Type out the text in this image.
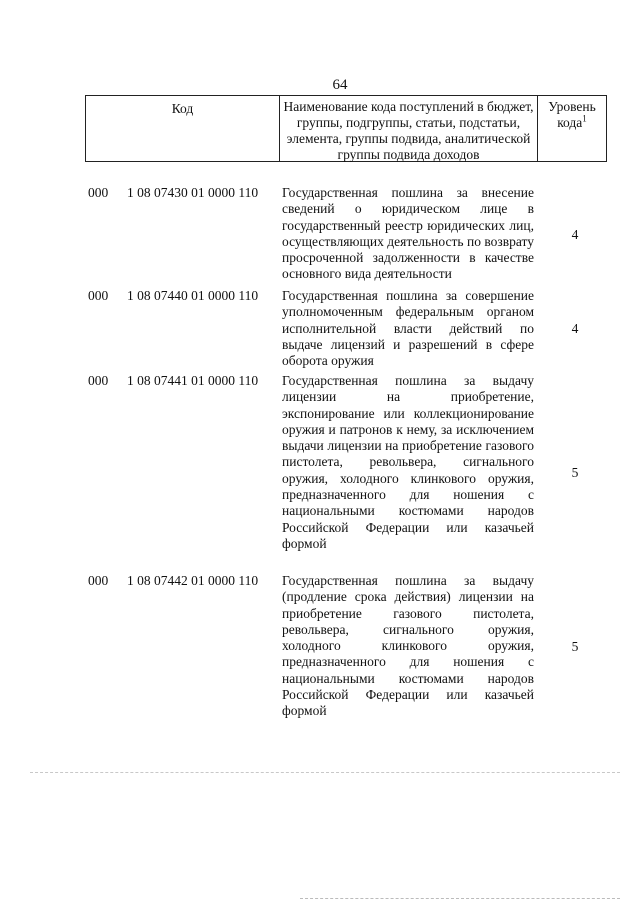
64
Код	Наименование кода поступлений в бюджет, группы, подгруппы, статьи, подстатьи, элемента, группы подвида, аналитической группы подвида доходов
Уровень кода$^1$
000 1 08 07430 01 0000 110 Государственная пошлина за внесение сведений о юридическом лице в государственный реестр юридических лиц, осуществляющих деятельность по возврату просроченной задолженности в качестве основного вида деятельности
4
000 1 08 07440 01 0000 110 Государственная пошлина за совершение уполномоченным федеральным органом исполнительной власти действий по выдаче лицензий и разрешений в сфере оборота оружия
4
000 1 08 07441 01 0000 110 Государственная пошлина за выдачу лицензии на приобретение, экспонирование или коллекционирование оружия и патронов к нему, за исключением выдачи лицензии на приобретение газового пистолета, револьвера, сигнального оружия, холодного клинкового оружия, предназначенного для ношения с национальными костюмами народов Российской Федерации или казачьей формой
5
000 1 08 07442 01 0000 110 Государственная пошлина за выдачу (продление срока действия) лицензии на приобретение газового пистолета, револьвера, сигнального оружия, холодного клинкового оружия, предназначенного для ношения с национальными костюмами народов Российской Федерации или казачьей формой
5
